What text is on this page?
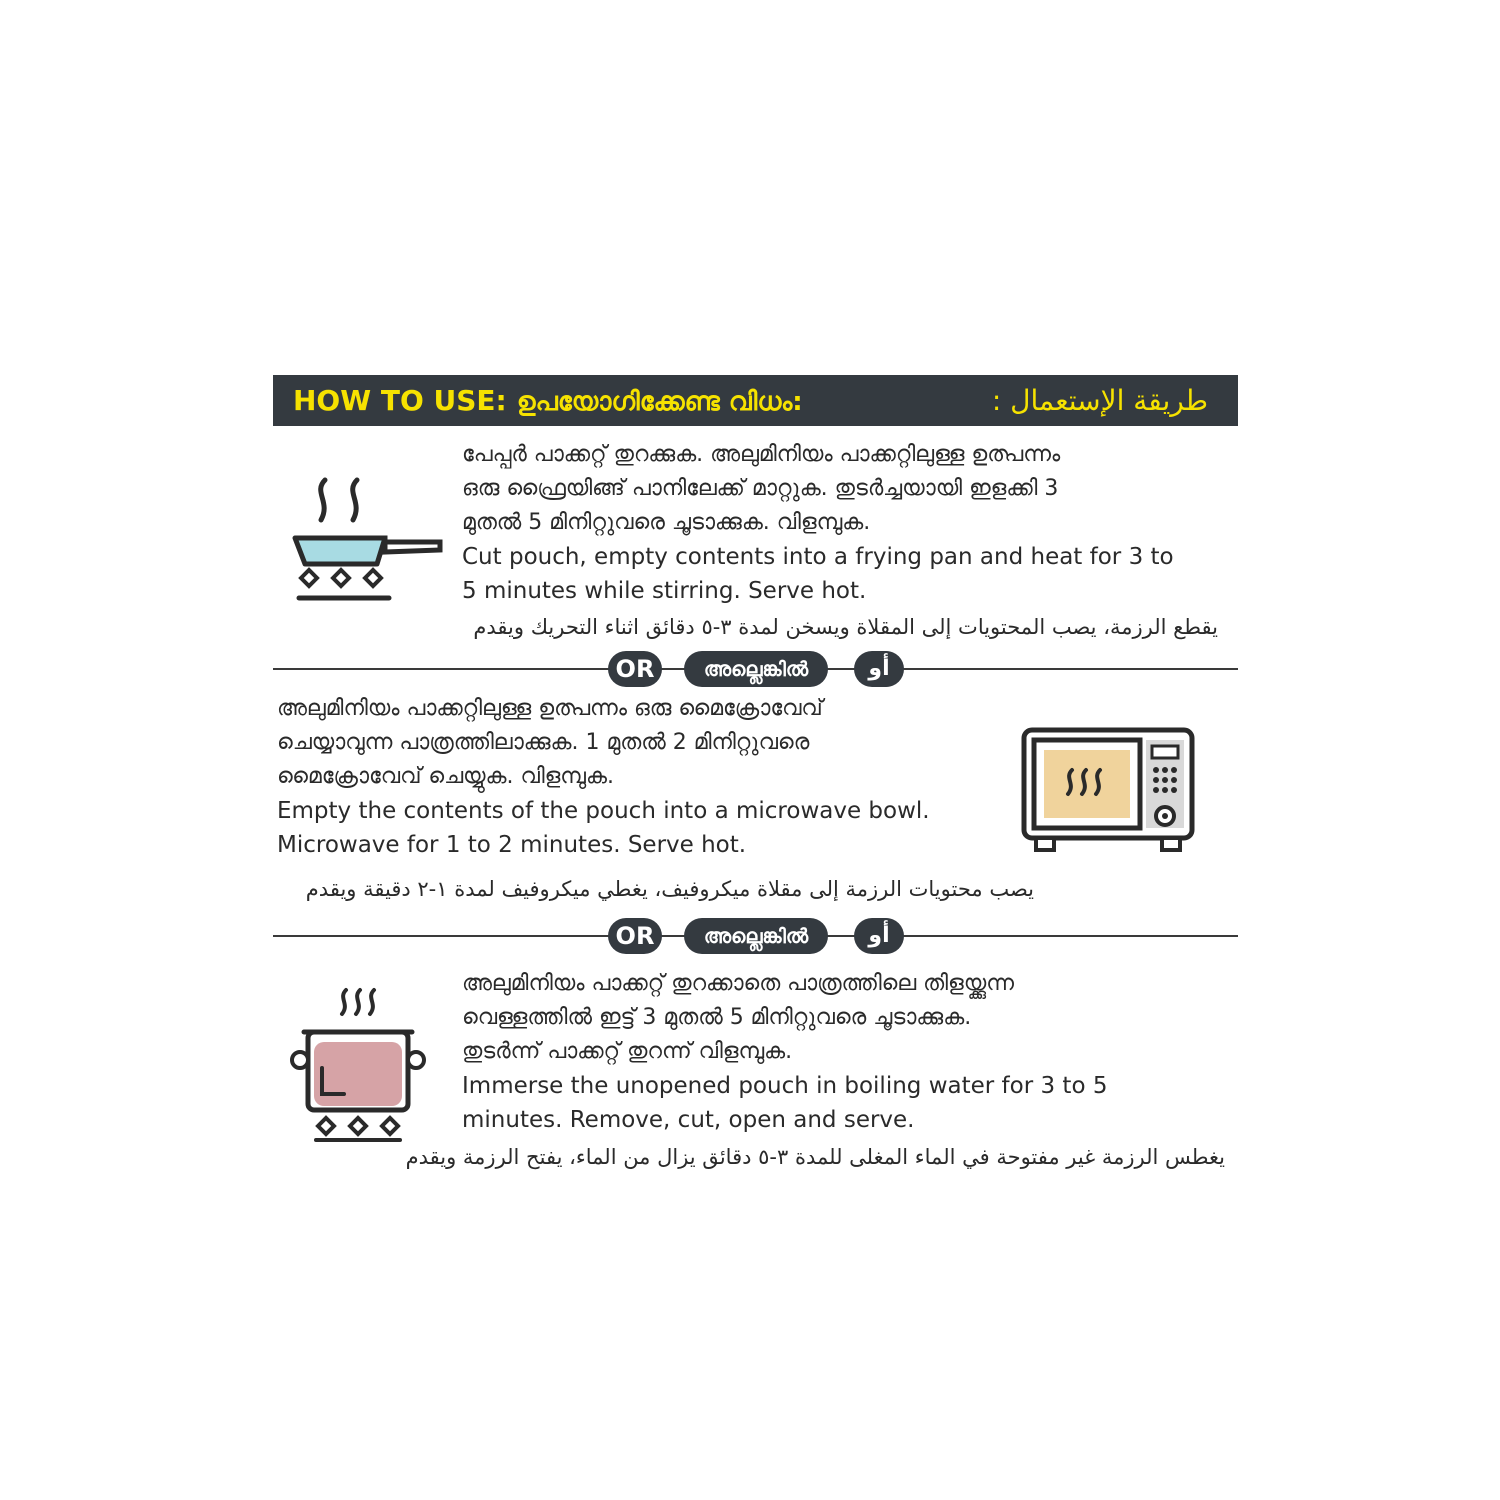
HOW TO USE: ഉപയോഗിക്കേണ്ട വിധം:	طريقة الإستعمال :
പേപ്പർ പാക്കറ്റ് തുറക്കുക. അലുമിനിയം പാക്കറ്റിലുള്ള ഉത്പന്നം
ഒരു ഫ്രൈയിങ്ങ് പാനിലേക്ക് മാറ്റുക. തുടർച്ചയായി ഇളക്കി 3
മുതൽ 5 മിനിറ്റുവരെ ചൂടാക്കുക. വിളമ്പുക.
Cut pouch, empty contents into a frying pan and heat for 3 to
5 minutes while stirring. Serve hot.
يقطع الرزمة، يصب المحتويات إلى المقلاة ويسخن لمدة ٣-٥ دقائق اثناء التحريك ويقدم
OR	അല്ലെങ്കിൽ	أو
അലുമിനിയം പാക്കറ്റിലുള്ള ഉത്പന്നം ഒരു മൈക്രോവേവ്
ചെയ്യാവുന്ന പാത്രത്തിലാക്കുക. 1 മുതൽ 2 മിനിറ്റുവരെ
മൈക്രോവേവ് ചെയ്യുക. വിളമ്പുക.
Empty the contents of the pouch into a microwave bowl.
Microwave for 1 to 2 minutes. Serve hot.
يصب محتويات الرزمة إلى مقلاة ميكروفيف، يغطي ميكروفيف لمدة ١-٢ دقيقة ويقدم
OR	അല്ലെങ്കിൽ	أو
അലുമിനിയം പാക്കറ്റ് തുറക്കാതെ പാത്രത്തിലെ തിളയ്ക്കുന്ന
വെള്ളത്തിൽ ഇട്ട് 3 മുതൽ 5 മിനിറ്റുവരെ ചൂടാക്കുക.
തുടർന്ന് പാക്കറ്റ് തുറന്ന് വിളമ്പുക.
Immerse the unopened pouch in boiling water for 3 to 5
minutes. Remove, cut, open and serve.
يغطس الرزمة غير مفتوحة في الماء المغلى للمدة ٣-٥ دقائق يزال من الماء، يفتح الرزمة ويقدم
